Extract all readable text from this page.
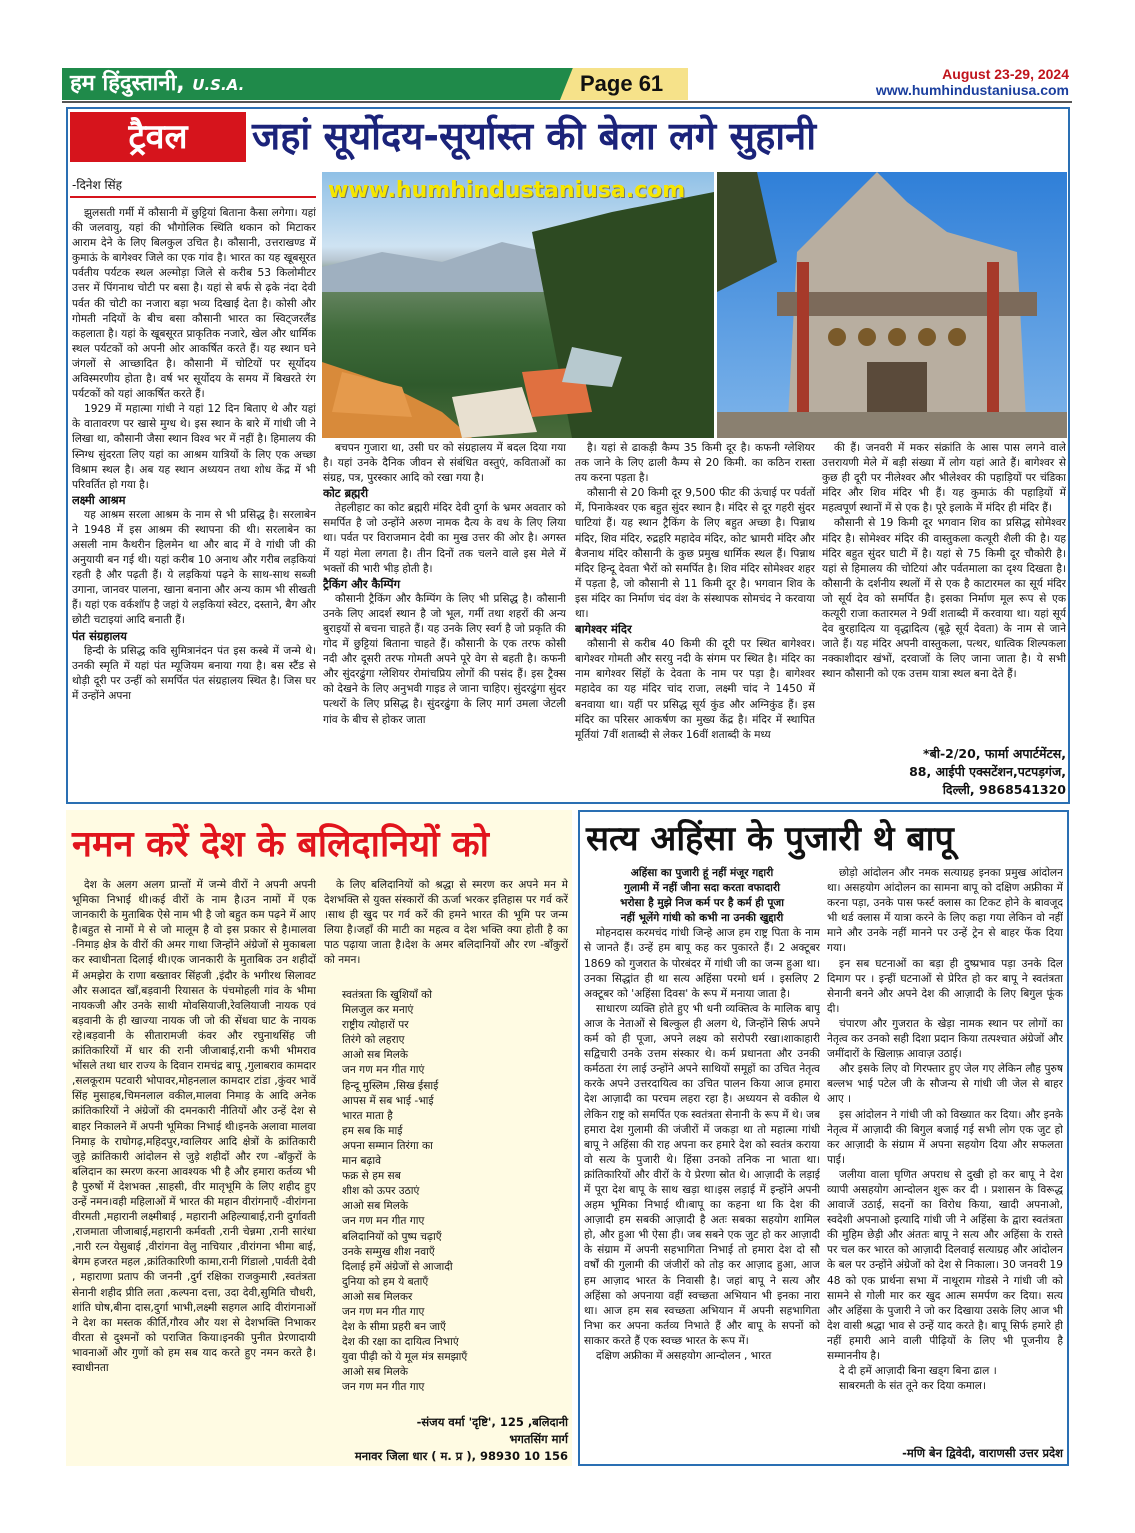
हम हिंदुस्तानी, U.S.A.	Page 61	August 23-29, 2024
www.humhindustaniusa.com
ट्रैवल	जहां सूर्योदय-सूर्यास्त की बेला लगे सुहानी
-दिनेश सिंह

झुलसती गर्मी में कौसानी में छुट्टियां बिताना कैसा लगेगा। यहां की जलवायु, यहां की भौगोलिक स्थिति थकान को मिटाकर आराम देने के लिए बिलकुल उचित है। कौसानी, उत्तराखण्ड में कुमाऊं के बागेश्वर जिले का एक गांव है। भारत का यह खूबसूरत पर्वतीय पर्यटक स्थल अल्मोड़ा जिले से करीब 53 किलोमीटर उत्तर में पिंगनाथ चोटी पर बसा है। यहां से बर्फ से ढ़के नंदा देवी पर्वत की चोटी का नजारा बड़ा भव्य दिखाई देता है। कोसी और गोमती नदियों के बीच बसा कौसानी भारत का स्विट्जरलैंड कहलाता है। यहां के खूबसूरत प्राकृतिक नजारे, खेल और धार्मिक स्थल पर्यटकों को अपनी ओर आकर्षित करते हैं। यह स्थान घने जंगलों से आच्छादित है। कौसानी में चोटियों पर सूर्योदय अविस्मरणीय होता है। वर्ष भर सूर्योदय के समय में बिखरते रंग पर्यटकों को यहां आकर्षित करते हैं।

1929 में महात्मा गांधी ने यहां 12 दिन बिताए थे और यहां के वातावरण पर खासे मुग्ध थे। इस स्थान के बारे में गांधी जी ने लिखा था, कौसानी जैसा स्थान विश्व भर में नहीं है। हिमालय की स्निग्ध सुंदरता लिए यहां का आश्रम यात्रियों के लिए एक अच्छा विश्राम स्थल है। अब यह स्थान अध्ययन तथा शोध केंद्र में भी परिवर्तित हो गया है।

लक्ष्मी आश्रम

यह आश्रम सरला आश्रम के नाम से भी प्रसिद्ध है। सरलाबेन ने 1948 में इस आश्रम की स्थापना की थी। सरलाबेन का असली नाम कैथरीन हिलमेन था और बाद में वे गांधी जी की अनुयायी बन गई थी। यहां करीब 10 अनाथ और गरीब लड़कियां रहती है और पढ़ती हैं। ये लड़कियां पढ़ने के साथ-साथ सब्जी उगाना, जानवर पालना, खाना बनाना और अन्य काम भी सीखती हैं। यहां एक वर्कशॉप है जहां ये लड़कियां स्वेटर, दस्ताने, बैग और छोटी चटाइयां आदि बनाती हैं।

पंत संग्रहालय

हिन्दी के प्रसिद्ध कवि सुमित्रानंदन पंत इस कस्बे में जन्मे थे। उनकी स्मृति में यहां पंत म्यूजियम बनाया गया है। बस स्टैंड से थोड़ी दूरी पर उन्हीं को समर्पित पंत संग्रहालय स्थित है। जिस घर में उन्होंने अपना

www.humhindustaniusa.com

बचपन गुजारा था, उसी घर को संग्रहालय में बदल दिया गया है। यहां उनके दैनिक जीवन से संबंधित वस्तुएं, कविताओं का संग्रह, पत्र, पुरस्कार आदि को रखा गया है।

कोट ब्रह्मरी

तेहलीहाट का कोट ब्रह्मरी मंदिर देवी दुर्गा के भ्रमर अवतार को समर्पित है जो उन्होंने अरुण नामक दैत्य के वध के लिए लिया था। पर्वत पर विराजमान देवी का मुख उत्तर की ओर है। अगस्त में यहां मेला लगता है। तीन दिनों तक चलने वाले इस मेले में भक्तों की भारी भीड़ होती है।

ट्रैकिंग और कैम्पिंग

कौसानी ट्रैकिंग और कैम्पिंग के लिए भी प्रसिद्ध है। कौसानी उनके लिए आदर्श स्थान है जो भूल, गर्मी तथा शहरों की अन्य बुराइयों से बचना चाहते हैं। यह उनके लिए स्वर्ग है जो प्रकृति की गोद में छुट्टियां बिताना चाहते हैं। कौसानी के एक तरफ कोसी नदी और दूसरी तरफ गोमती अपने पूरे वेग से बहती है। कफनी और सुंदरढुंगा ग्लेशियर रोमांचप्रिय लोगों की पसंद हैं। इस ट्रैक्स को देखने के लिए अनुभवी गाइड ले जाना चाहिए। सुंदरढुंगा सुंदर पत्थरों के लिए प्रसिद्ध है। सुंदरढुंगा के लिए मार्ग उमला जेटली गांव के बीच से होकर जाता

है। यहां से ढाकड़ी कैम्प 35 किमी दूर है। कफनी ग्लेशियर तक जाने के लिए ढाली कैम्प से 20 किमी. का कठिन रास्ता तय करना पड़ता है।

कौसानी से 20 किमी दूर 9,500 फीट की ऊंचाई पर पर्वतों में, पिनाकेश्वर एक बहुत सुंदर स्थान है। मंदिर से दूर गहरी सुंदर घाटियां हैं। यह स्थान ट्रैकिंग के लिए बहुत अच्छा है। पिन्नाथ मंदिर, शिव मंदिर, रुद्रहरि महादेव मंदिर, कोट भ्रामरी मंदिर और बैजनाथ मंदिर कौसानी के कुछ प्रमुख धार्मिक स्थल हैं। पिन्नाथ मंदिर हिन्दू देवता भैरों को समर्पित है। शिव मंदिर सोमेश्वर शहर में पड़ता है, जो कौसानी से 11 किमी दूर है। भगवान शिव के इस मंदिर का निर्माण चंद वंश के संस्थापक सोमचंद ने करवाया था।

बागेश्वर मंदिर

कौसानी से करीब 40 किमी की दूरी पर स्थित बागेश्वर। बागेश्वर गोमती और सरयु नदी के संगम पर स्थित है। मंदिर का नाम बागेश्वर सिंहों के देवता के नाम पर पड़ा है। बागेश्वर महादेव का यह मंदिर चांद राजा, लक्ष्मी चांद ने 1450 में बनवाया था। यहीं पर प्रसिद्ध सूर्य कुंड और अग्निकुंड हैं। इस मंदिर का परिसर आकर्षण का मुख्य केंद्र है। मंदिर में स्थापित मूर्तियां 7वीं शताब्दी से लेकर 16वीं शताब्दी के मध्य

की हैं। जनवरी में मकर संक्रांति के आस पास लगने वाले उत्तरायणी मेले में बड़ी संख्या में लोग यहां आते हैं। बागेश्वर से कुछ ही दूरी पर नीलेश्वर और भीलेश्वर की पहाड़ियों पर चंडिका मंदिर और शिव मंदिर भी हैं। यह कुमाऊं की पहाड़ियों में महत्वपूर्ण स्थानों में से एक है। पूरे इलाके में मंदिर ही मंदिर हैं।

कौसानी से 19 किमी दूर भगवान शिव का प्रसिद्ध सोमेश्वर मंदिर है। सोमेश्वर मंदिर की वास्तुकला कत्यूरी शैली की है। यह मंदिर बहुत सुंदर घाटी में है। यहां से 75 किमी दूर चौकोरी है। यहां से हिमालय की चोटियां और पर्वतमाला का दृश्य दिखता है। कौसानी के दर्शनीय स्थलों में से एक है काटारमल का सूर्य मंदिर जो सूर्य देव को समर्पित है। इसका निर्माण मूल रूप से एक कत्यूरी राजा कतारमल ने 9वीं शताब्दी में करवाया था। यहां सूर्य देव बुरहादित्य या वृद्धादित्य (बूढ़े सूर्य देवता) के नाम से जाने जाते हैं। यह मंदिर अपनी वास्तुकला, पत्थर, धात्विक शिल्पकला नक्काशीदार खंभों, दरवाजों के लिए जाना जाता है। ये सभी स्थान कौसानी को एक उत्तम यात्रा स्थल बना देते हैं।

*बी-2/20, फार्मा अपार्टमेंटस,
88, आईपी एक्सटेंशन,पटपड़गंज,
दिल्ली, 9868541320
नमन करें देश के बलिदानियों को

देश के अलग अलग प्रान्तों में जन्मे वीरों ने अपनी अपनी भूमिका निभाई थी।कई वीरों के नाम है।उन नामों में एक जानकारी के मुताबिक ऐसे नाम भी है जो बहुत कम पढ़ने में आए है।बहुत से नामों मे से जो मालूम है वो इस प्रकार से है।मालवा -निमाड़ क्षेत्र के वीरों की अमर गाथा जिन्होंने अंग्रेजों से मुकाबला कर स्वाधीनता दिलाई थी।एक जानकारी के मुताबिक उन शहीदों में अमझेरा के राणा बख्तावर सिंहजी ,इंदौर के भगीरथ सिलावट और सआदत खाँ,बड़वानी रियासत के पंचमोहली गांव के भीमा नायकजी और उनके साथी मोवसियाजी,रेवलियाजी नायक एवं बड़वानी के ही खाज्या नायक जी जो की सेंधवा घाट के नायक रहे।बड़वानी के सीतारामजी कंवर और रघुनाथसिंह जी क्रांतिकारियों में धार की रानी जीजाबाई,रानी कभी भीमराव भोंसले तथा धार राज्य के दिवान रामचंद्र बापू ,गुलाबराव कामदार ,सलकूराम पटवारी भोपावर,मोहनलाल कामदार टांडा ,कुंवर भावें सिंह मुसाहब,चिमनलाल वकील,मालवा निमाड़ के आदि अनेक क्रांतिकारियों ने अंग्रेजों की दमनकारी नीतियों और उन्हें देश से बाहर निकालने में अपनी भूमिका निभाई थी।इनके अलावा मालवा निमाड़ के राघोगढ़,महिदपुर,ग्वालियर आदि क्षेत्रों के क्रांतिकारी जुड़े क्रांतिकारी आंदोलन से जुड़े शहीदों और रण -बाँकुरों के बलिदान का स्मरण करना आवश्यक भी है और हमारा कर्तव्य भी है पुरुषों में देशभक्त ,साहसी, वीर मातृभूमि के लिए शहीद हुए उन्हें नमन।वही महिलाओं में भारत की महान वीरांगनाएँ -वीरांगना वीरमती ,महारानी लक्ष्मीबाई , महारानी अहिल्याबाई,रानी दुर्गावती ,राजमाता जीजाबाई,महारानी कर्मवती ,रानी चेन्नमा ,रानी सारंधा ,नारी रत्न येसुबाई ,वीरांगना वेलु नाचियार ,वीरांगना भीमा बाई, बेगम हजरत महल ,क्रांतिकारिणी कामा,रानी गिंडालो ,पार्वती देवी , महाराणा प्रताप की जननी ,दुर्ग रक्षिका राजकुमारी ,स्वतंत्रता सेनानी शहीद प्रीति लता ,कल्पना दत्ता, उदा देवी,सुमिति चौधरी, शांति घोष,बीना दास,दुर्गा भाभी,लक्ष्मी सहगल आदि वीरांगनाओं ने देश का मस्तक कीर्ति,गौरव और यश से देशभक्ति निभाकर वीरता से दुश्मनों को पराजित किया।इनकी पुनीत प्रेरणादायी भावनाओं और गुणों को हम सब याद करते हुए नमन करते है।स्वाधीनता

के लिए बलिदानियों को श्रद्धा से स्मरण कर अपने मन मे देशभक्ति से युक्त संस्कारों की ऊर्जा भरकर इतिहास पर गर्व करें ।साथ ही खुद पर गर्व करें की हमने भारत की भूमि पर जन्म लिया है।जहाँ की माटी का महत्व व देश भक्ति क्या होती है का पाठ पढ़ाया जाता है।देश के अमर बलिदानियों और रण -बाँकुरों को नमन।

स्वतंत्रता कि खुशियाँ को
मिलजुल कर मनाएं
राष्ट्रीय त्योहारों पर
तिरंगे को लहराए
आओ सब मिलके
जन गण मन गीत गाएं
हिन्दू मुस्लिम ,सिख ईसाई
आपस में सब भाई -भाई
भारत माता है
हम सब कि माई
अपना सम्मान तिरंगा का
मान बढ़ावे
फक्र से हम सब
शीश को ऊपर उठाएं
आओ सब मिलके
जन गण मन गीत गाए
बलिदानियों को पुष्प चढ़ाएँ
उनके सम्मुख शीश नवाएँ
दिलाई हमें अंग्रेजों से आजादी
दुनिया को हम ये बताएँ
आओ सब मिलकर
जन गण मन गीत गाए
देश के सीमा प्रहरी बन जाएँ
देश की रक्षा का दायित्व निभाएं
युवा पीढ़ी को ये मूल मंत्र समझाएँ
आओ सब मिलके
जन गण मन गीत गाए
-संजय वर्मा 'दृष्टि', 125 ,बलिदानी
भगतसिंग मार्ग
मनावर जिला धार ( म. प्र ), 98930 10 156
सत्य अहिंसा के पुजारी थे बापू
अहिंसा का पुजारी हूं नहीं मंजूर गद्दारी
गुलामी में नहीं जीना सदा करता वफादारी
भरोसा है मुझे निज कर्म पर है कर्म ही पूजा
नहीं भूलेंगे गांधी को कभी ना उनकी खुद्दारी

मोहनदास करमचंद गांधी जिन्हे आज हम राष्ट्र पिता के नाम से जानते हैं। उन्हें हम बापू कह कर पुकारते हैं। 2 अक्टूबर 1869 को गुजरात के पोरबंदर में गांधी जी का जन्म हुआ था।उनका सिद्धांत ही था सत्य अहिंसा परमो धर्म । इसलिए 2 अक्टूबर को 'अहिंसा दिवस' के रूप में मनाया जाता है।

साधारण व्यक्ति होते हुए भी धनी व्यक्तित्व के मालिक बापू आज के नेताओं से बिल्कुल ही अलग थे, जिन्होंने सिर्फ अपने कर्म को ही पूजा, अपने लक्ष्य को सरोपरी रखा।शाकाहारी सद्विचारी उनके उत्तम संस्कार थे। कर्म प्रधानता और उनकी कर्मठता रंग लाई उन्होंने अपने साथियों समूहों का उचित नेतृत्व करके अपने उत्तरदायित्व का उचित पालन किया आज हमारा देश आज़ादी का परचम लहरा रहा है। अध्ययन से वकील थे लेकिन राष्ट्र को समर्पित एक स्वतंत्रता सेनानी के रूप में थे। जब हमारा देश गुलामी की जंजीरों में जकड़ा था तो महात्मा गांधी बापू ने अहिंसा की राह अपना कर हमारे देश को स्वतंत्र कराया वो सत्य के पुजारी थे। हिंसा उनको तनिक ना भाता था। क्रांतिकारियों और वीरों के ये प्रेरणा स्रोत थे। आज़ादी के लड़ाई में पूरा देश बापू के साथ खड़ा था।इस लड़ाई में इन्होंने अपनी अहम भूमिका निभाई थी।बापू का कहना था कि देश की आज़ादी हम सबकी आज़ादी है अतः सबका सहयोग शामिल हो, और हुआ भी ऐसा ही। जब सबने एक जुट हो कर आज़ादी के संग्राम में अपनी सहभागिता निभाई तो हमारा देश दो सौ वर्षों की गुलामी की जंजीरों को तोड़ कर आज़ाद हुआ, आज हम आज़ाद भारत के निवासी है। जहां बापू ने सत्य और अहिंसा को अपनाया वहीं स्वच्छता अभियान भी इनका नारा था। आज हम सब स्वच्छता अभियान में अपनी सहभागिता निभा कर अपना कर्तव्य निभाते हैं और बापू के सपनों को साकार करते हैं एक स्वच्छ भारत के रूप में।

दक्षिण अफ्रीका में असहयोग आन्दोलन , भारत

छोड़ो आंदोलन और नमक सत्याग्रह इनका प्रमुख आंदोलन था। असहयोग आंदोलन का सामना बापू को दक्षिण अफ्रीका में करना पड़ा, उनके पास फर्स्ट क्लास का टिकट होने के बावजूद भी थर्ड क्लास में यात्रा करने के लिए कहा गया लेकिन वो नहीं माने और उनके नहीं मानने पर उन्हें ट्रेन से बाहर फेंक दिया गया।

इन सब घटनाओं का बड़ा ही दुष्प्रभाव पड़ा उनके दिल दिमाग पर । इन्हीं घटनाओं से प्रेरित हो कर बापू ने स्वतंत्रता सेनानी बनने और अपने देश की आज़ादी के लिए बिगुल फूंक दी।

चंपारण और गुजरात के खेड़ा नामक स्थान पर लोगों का नेतृत्व कर उनको सही दिशा प्रदान किया तत्पश्चात अंग्रेजों और जमींदारों के खिलाफ़ आवाज़ उठाई।

और इसके लिए वो गिरफ्तार हुए जेल गए लेकिन लौह पुरुष बल्लभ भाई पटेल जी के सौजन्य से गांधी जी जेल से बाहर आए ।

इस आंदोलन ने गांधी जी को विख्यात कर दिया। और इनके नेतृत्व में आज़ादी की बिगुल बजाई गई सभी लोग एक जुट हो कर आज़ादी के संग्राम में अपना सहयोग दिया और सफलता पाई।

जलीया वाला घृणित अपराध से दुखी हो कर बापू ने देश व्यापी असहयोग आन्दोलन शुरू कर दी । प्रशासन के विरूद्ध आवाजें उठाई, सदनों का विरोध किया, खादी अपनाओ, स्वदेशी अपनाओ इत्यादि गांधी जी ने अहिंसा के द्वारा स्वतंत्रता की मुहिम छेड़ी और अंततः बापू ने सत्य और अहिंसा के रास्ते पर चल कर भारत को आज़ादी दिलवाई सत्याग्रह और आंदोलन के बल पर उन्होंने अंग्रेजों को देश से निकाला। 30 जनवरी 19 48 को एक प्रार्थना सभा में नाथूराम गोडसे ने गांधी जी को सामने से गोली मार कर खुद आत्म समर्पण कर दिया। सत्य और अहिंसा के पुजारी ने जो कर दिखाया उसके लिए आज भी देश वासी श्रद्धा भाव से उन्हें याद करते है। बापू सिर्फ हमारे ही नहीं हमारी आने वाली पीढ़ियों के लिए भी पूजनीय है सम्माननीय है।

दे दी हमें आज़ादी बिना खड्ग बिना ढाल ।

साबरमती के संत तूने कर दिया कमाल।

-मणि बेन द्विवेदी, वाराणसी उत्तर प्रदेश
